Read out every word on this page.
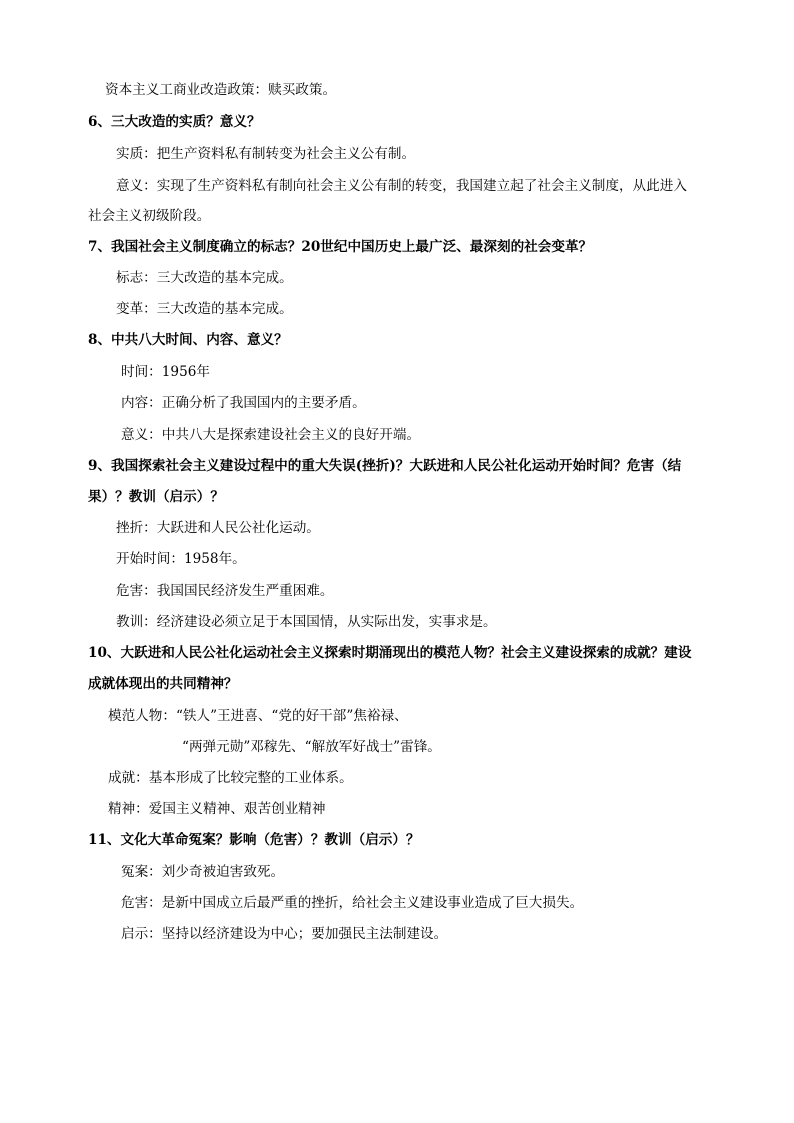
资本主义工商业改造政策：赎买政策。
6、三大改造的实质？意义？
实质：把生产资料私有制转变为社会主义公有制。
意义：实现了生产资料私有制向社会主义公有制的转变，我国建立起了社会主义制度，从此进入
社会主义初级阶段。
7、我国社会主义制度确立的标志？20世纪中国历史上最广泛、最深刻的社会变革？
标志：三大改造的基本完成。
变革：三大改造的基本完成。
8、中共八大时间、内容、意义？
时间：1956年
内容：正确分析了我国国内的主要矛盾。
意义：中共八大是探索建设社会主义的良好开端。
9、我国探索社会主义建设过程中的重大失误(挫折)？大跃进和人民公社化运动开始时间？危害（结
果）？教训（启示）？
挫折：大跃进和人民公社化运动。
开始时间：1958年。
危害：我国国民经济发生严重困难。
教训：经济建设必须立足于本国国情，从实际出发，实事求是。
10、大跃进和人民公社化运动社会主义探索时期涌现出的模范人物？社会主义建设探索的成就？建设
成就体现出的共同精神？
模范人物：“铁人”王进喜、“党的好干部”焦裕禄、
“两弹元勋”邓稼先、“解放军好战士”雷锋。
成就：基本形成了比较完整的工业体系。
精神：爱国主义精神、艰苦创业精神
11、文化大革命冤案？影响（危害）？教训（启示）？
冤案：刘少奇被迫害致死。
危害：是新中国成立后最严重的挫折，给社会主义建设事业造成了巨大损失。
启示：坚持以经济建设为中心；要加强民主法制建设。
